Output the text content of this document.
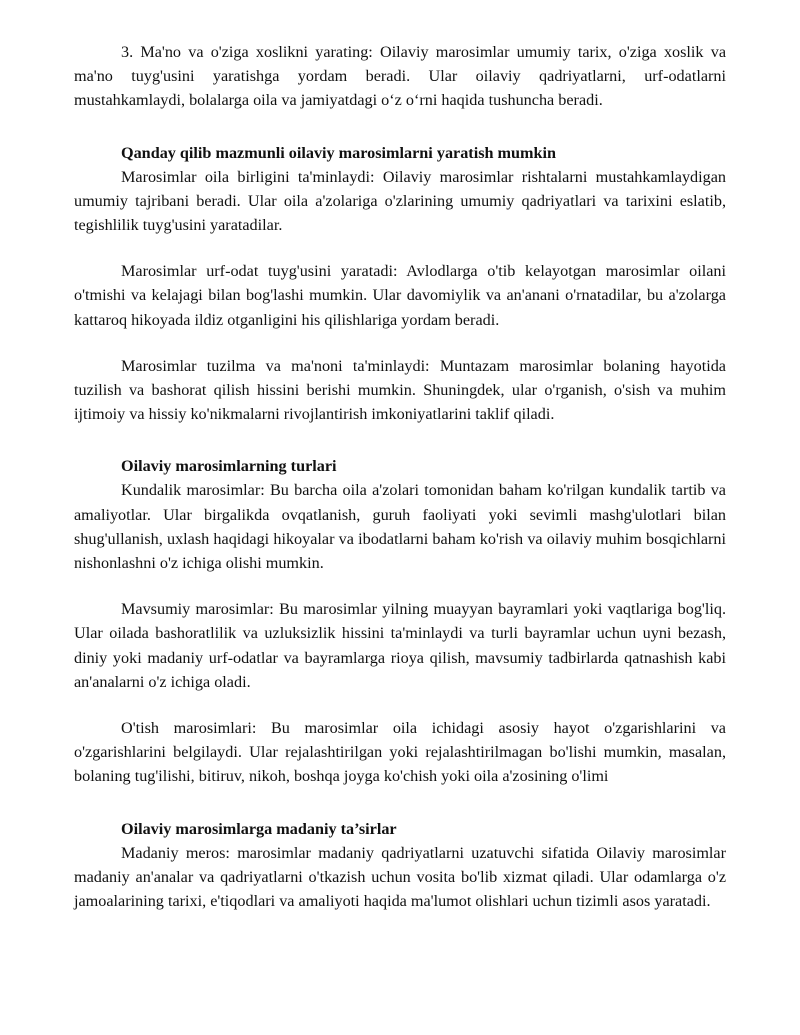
3. Ma'no va o'ziga xoslikni yarating: Oilaviy marosimlar umumiy tarix, o'ziga xoslik va ma'no tuyg'usini yaratishga yordam beradi. Ular oilaviy qadriyatlarni, urf-odatlarni mustahkamlaydi, bolalarga oila va jamiyatdagi o‘z o‘rni haqida tushuncha beradi.

Qanday qilib mazmunli oilaviy marosimlarni yaratish mumkin

Marosimlar oila birligini ta'minlaydi: Oilaviy marosimlar rishtalarni mustahkamlaydigan umumiy tajribani beradi. Ular oila a'zolariga o'zlarining umumiy qadriyatlari va tarixini eslatib, tegishlilik tuyg'usini yaratadilar.

Marosimlar urf-odat tuyg'usini yaratadi: Avlodlarga o'tib kelayotgan marosimlar oilani o'tmishi va kelajagi bilan bog'lashi mumkin. Ular davomiylik va an'anani o'rnatadilar, bu a'zolarga kattaroq hikoyada ildiz otganligini his qilishlariga yordam beradi.

Marosimlar tuzilma va ma'noni ta'minlaydi: Muntazam marosimlar bolaning hayotida tuzilish va bashorat qilish hissini berishi mumkin. Shuningdek, ular o'rganish, o'sish va muhim ijtimoiy va hissiy ko'nikmalarni rivojlantirish imkoniyatlarini taklif qiladi.

Oilaviy marosimlarning turlari

Kundalik marosimlar: Bu barcha oila a'zolari tomonidan baham ko'rilgan kundalik tartib va amaliyotlar. Ular birgalikda ovqatlanish, guruh faoliyati yoki sevimli mashg'ulotlari bilan shug'ullanish, uxlash haqidagi hikoyalar va ibodatlarni baham ko'rish va oilaviy muhim bosqichlarni nishonlashni o'z ichiga olishi mumkin.

Mavsumiy marosimlar: Bu marosimlar yilning muayyan bayramlari yoki vaqtlariga bog'liq. Ular oilada bashoratlilik va uzluksizlik hissini ta'minlaydi va turli bayramlar uchun uyni bezash, diniy yoki madaniy urf-odatlar va bayramlarga rioya qilish, mavsumiy tadbirlarda qatnashish kabi an'analarni o'z ichiga oladi.

O'tish marosimlari: Bu marosimlar oila ichidagi asosiy hayot o'zgarishlarini va o'zgarishlarini belgilaydi. Ular rejalashtirilgan yoki rejalashtirilmagan bo'lishi mumkin, masalan, bolaning tug'ilishi, bitiruv, nikoh, boshqa joyga ko'chish yoki oila a'zosining o'limi

Oilaviy marosimlarga madaniy ta’sirlar

Madaniy meros: marosimlar madaniy qadriyatlarni uzatuvchi sifatida Oilaviy marosimlar madaniy an'analar va qadriyatlarni o'tkazish uchun vosita bo'lib xizmat qiladi. Ular odamlarga o'z jamoalarining tarixi, e'tiqodlari va amaliyoti haqida ma'lumot olishlari uchun tizimli asos yaratadi.
